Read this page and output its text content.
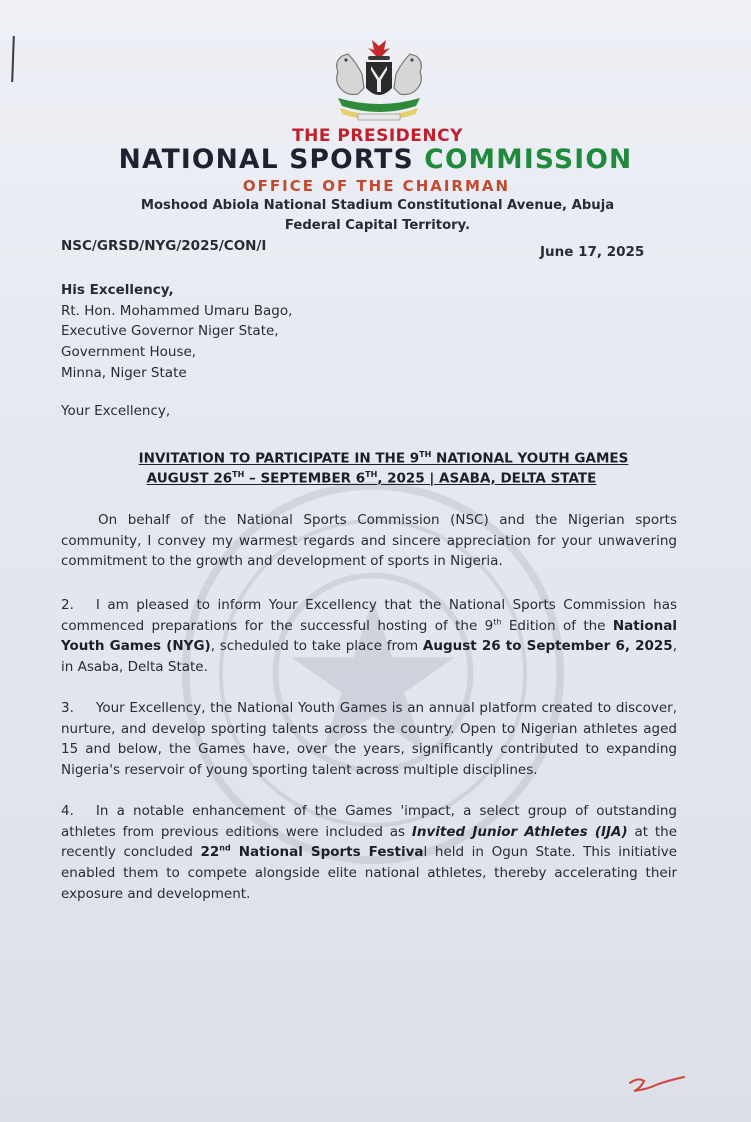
THE PRESIDENCY
NATIONAL SPORTS COMMISSION
OFFICE OF THE CHAIRMAN
Moshood Abiola National Stadium Constitutional Avenue, Abuja
Federal Capital Territory.
NSC/GRSD/NYG/2025/CON/I	June 17, 2025
His Excellency,
Rt. Hon. Mohammed Umaru Bago,
Executive Governor Niger State,
Government House,
Minna, Niger State
Your Excellency,
INVITATION TO PARTICIPATE IN THE 9TH NATIONAL YOUTH GAMES
AUGUST 26TH – SEPTEMBER 6TH, 2025 | ASABA, DELTA STATE
On behalf of the National Sports Commission (NSC) and the Nigerian sports community, I convey my warmest regards and sincere appreciation for your unwavering commitment to the growth and development of sports in Nigeria.
2. I am pleased to inform Your Excellency that the National Sports Commission has commenced preparations for the successful hosting of the 9th Edition of the National Youth Games (NYG), scheduled to take place from August 26 to September 6, 2025, in Asaba, Delta State.
3. Your Excellency, the National Youth Games is an annual platform created to discover, nurture, and develop sporting talents across the country. Open to Nigerian athletes aged 15 and below, the Games have, over the years, significantly contributed to expanding Nigeria's reservoir of young sporting talent across multiple disciplines.
4. In a notable enhancement of the Games 'impact, a select group of outstanding athletes from previous editions were included as Invited Junior Athletes (IJA) at the recently concluded 22nd National Sports Festival held in Ogun State. This initiative enabled them to compete alongside elite national athletes, thereby accelerating their exposure and development.
